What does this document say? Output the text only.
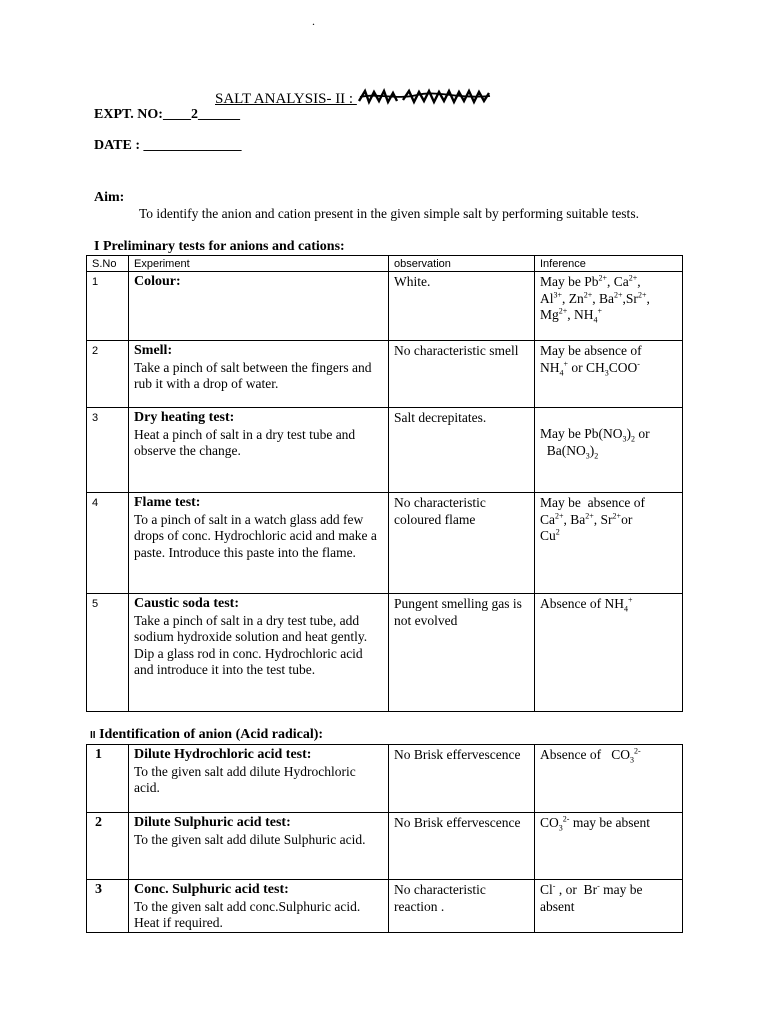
.
SALT ANALYSIS- II :
EXPT. NO:____2______
DATE : ______________
Aim:
To identify the anion and cation present in the given simple salt by performing suitable tests.
I Preliminary tests for anions and cations:
S.No	Experiment	observation	Inference
1	Colour:	White.	May be $Pb^{2+}$, $Ca^{2+}$,
$Al^{3+}$, $Zn^{2+}$, $Ba^{2+},Sr^{2+}$,
$Mg^{2+}$, $NH_4^+$
2	Smell:
Take a pinch of salt between the fingers and rub it with a drop of water.	No characteristic smell	May be absence of
$NH_4^+$ or $CH_3COO^-$
3	Dry heating test:
Heat a pinch of salt in a dry test tube and observe the change.	Salt decrepitates.	May be $Pb(NO_3)_2$ or
$Ba(NO_3)_2$
4	Flame test:
To a pinch of salt in a watch glass add few drops of conc. Hydrochloric acid and make a paste. Introduce this paste into the flame.	No characteristic coloured flame	May be  absence of
$Ca^{2+}$, $Ba^{2+}$, $Sr^{2+}or$
Cu$^2$
5	Caustic soda test:
Take a pinch of salt in a dry test tube, add sodium hydroxide solution and heat gently. Dip a glass rod in conc. Hydrochloric acid and introduce it into the test tube.	Pungent smelling gas is not evolved	Absence of $NH_4^+$
II Identification of anion (Acid radical):
1	Dilute Hydrochloric acid test:
To the given salt add dilute Hydrochloric acid.	No Brisk effervescence	Absence of   $CO_3^{2-}$
2	Dilute Sulphuric acid test:
To the given salt add dilute Sulphuric acid.	No Brisk effervescence	$CO_3^{2-}$ may be absent
3	Conc. Sulphuric acid test:
To the given salt add conc.Sulphuric acid. Heat if required.	No characteristic reaction .	Cl- , or  Br- may be absent
